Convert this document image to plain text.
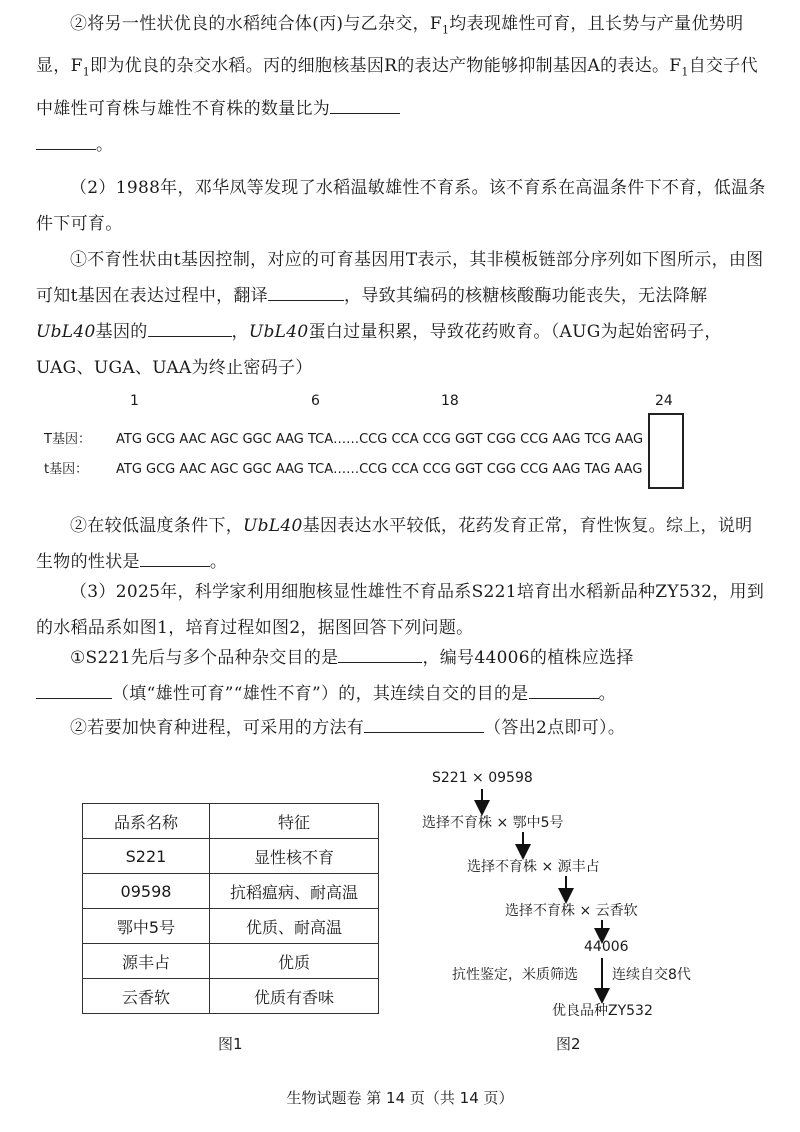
②将另一性状优良的水稻纯合体(丙)与乙杂交，$F_1$均表现雄性可育，且长势与产量优势明显，$F_1$即为优良的杂交水稻。丙的细胞核基因R的表达产物能够抑制基因A的表达。$F_1$自交子代中雄性可育株与雄性不育株的数量比为
。

（2）1988年，邓华凤等发现了水稻温敏雄性不育系。该不育系在高温条件下不育，低温条件下可育。

①不育性状由t基因控制，对应的可育基因用T表示，其非模板链部分序列如下图所示，由图可知t基因在表达过程中，翻译	，导致其编码的核糖核酸酶功能丧失，无法降解UbL40基因的	，UbL40蛋白过量积累，导致花药败育。（AUG为起始密码子，UAG、UGA、UAA为终止密码子）

1	6	18	24
T基因： ATG GCG AAC AGC GGC AAG TCA……CCG CCA CCG GGT CGG CCG AAG TCG AAG
t基因： ATG GCG AAC AGC GGC AAG TCA……CCG CCA CCG GGT CGG CCG AAG TAG AAG

②在较低温度条件下，UbL40基因表达水平较低，花药发育正常，育性恢复。综上，说明生物的性状是	。

（3）2025年，科学家利用细胞核显性雄性不育品系S221培育出水稻新品种ZY532，用到的水稻品系如图1，培育过程如图2，据图回答下列问题。

①S221先后与多个品种杂交目的是	，编号44006的植株应选择
（填“雄性可育”“雄性不育”）的，其连续自交的目的是	。

②若要加快育种进程，可采用的方法有	（答出2点即可）。

品系名称	特征
S221	显性核不育
09598	抗稻瘟病、耐高温
鄂中5号	优质、耐高温
源丰占	优质
云香软	优质有香味
图1
S221 × 09598
选择不育株 × 鄂中5号
选择不育株 × 源丰占
选择不育株 × 云香软
44006
抗性鉴定，米质筛选 连续自交8代
优良品种ZY532
图2
生物试题卷 第 14 页（共 14 页）
